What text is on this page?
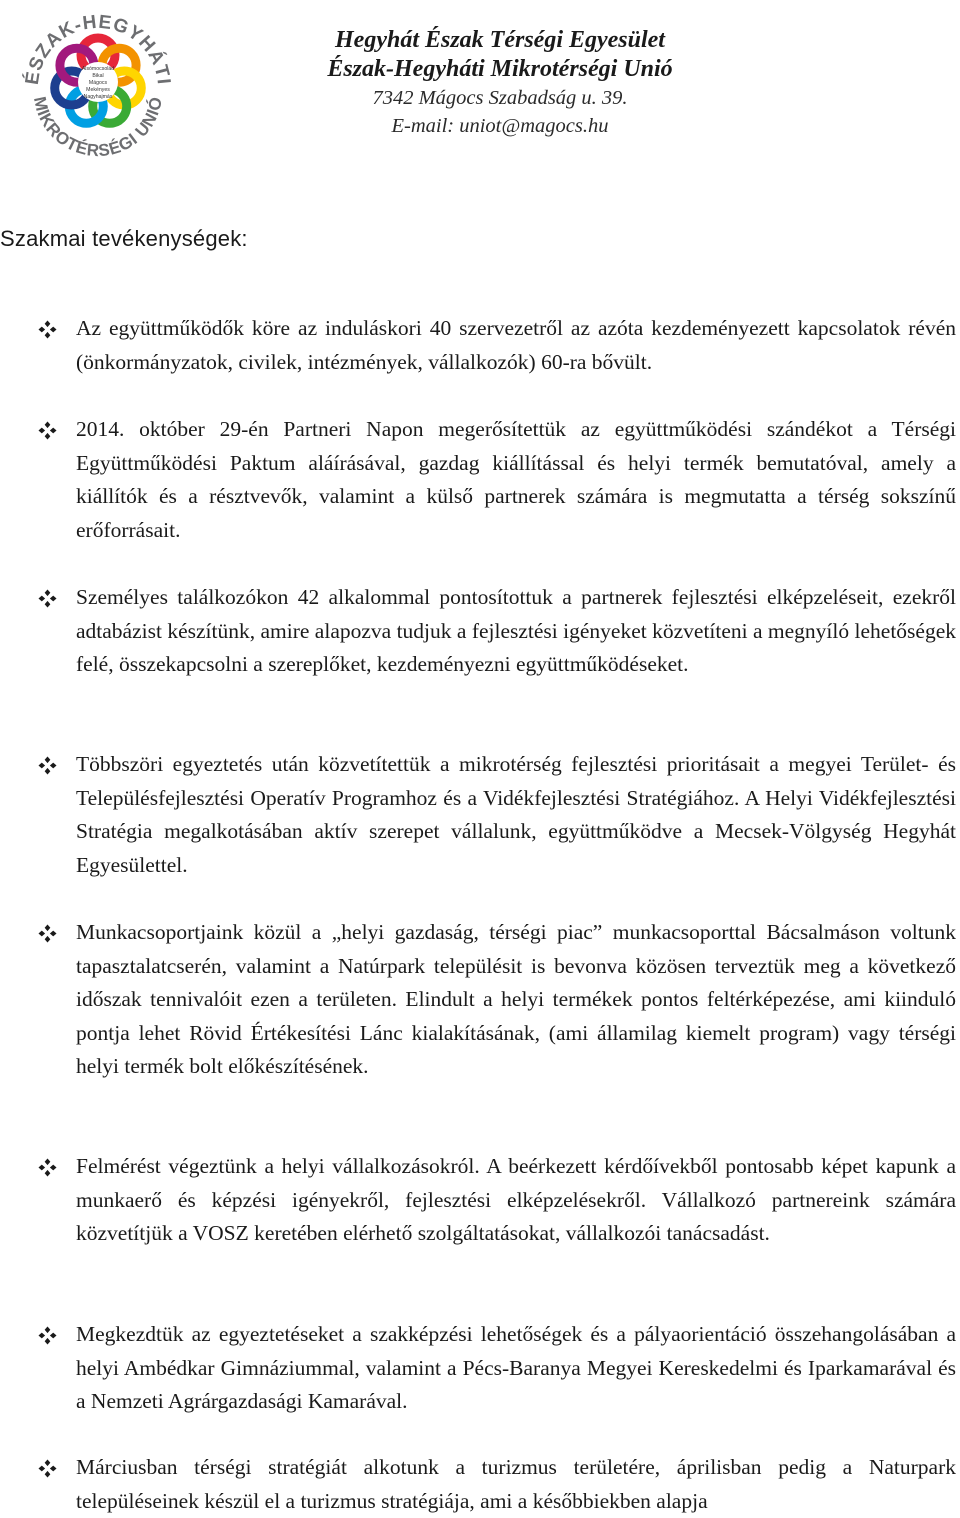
ÉSZAK-HEGYHÁTI
MIKROTÉRSÉGI UNIÓ
Alsómocsolád
Bikal
Mágocs
Mekényes
Nagyhajmás
Hegyhát Észak Térségi Egyesület
Észak-Hegyháti Mikrotérségi Unió
7342 Mágocs Szabadság u. 39.
E-mail: uniot@magocs.hu
Szakmai tevékenységek:
Az együttműködők köre az induláskori 40 szervezetről az azóta kezdeményezett kapcsolatok révén (önkormányzatok, civilek, intézmények, vállalkozók) 60-ra bővült.
2014. október 29-én Partneri Napon megerősítettük az együttműködési szándékot a Térségi Együttműködési Paktum aláírásával, gazdag kiállítással és helyi termék bemutatóval, amely a kiállítók és a résztvevők, valamint a külső partnerek számára is megmutatta a térség sokszínű erőforrásait.
Személyes találkozókon 42 alkalommal pontosítottuk a partnerek fejlesztési elképzeléseit, ezekről adtabázist készítünk, amire alapozva tudjuk a fejlesztési igényeket közvetíteni a megnyíló lehetőségek felé, összekapcsolni a szereplőket, kezdeményezni együttműködéseket.
Többszöri egyeztetés után közvetítettük a mikrotérség fejlesztési prioritásait a megyei Terület- és Településfejlesztési Operatív Programhoz és a Vidékfejlesztési Stratégiához. A Helyi Vidékfejlesztési Stratégia megalkotásában aktív szerepet vállalunk, együttműködve a Mecsek-Völgység Hegyhát Egyesülettel.
Munkacsoportjaink közül a „helyi gazdaság, térségi piac” munkacsoporttal Bácsalmáson voltunk tapasztalatcserén, valamint a Natúrpark településit is bevonva közösen terveztük meg a következő időszak tennivalóit ezen a területen. Elindult a helyi termékek pontos feltérképezése, ami kiinduló pontja lehet Rövid Értékesítési Lánc kialakításának, (ami államilag kiemelt program) vagy térségi helyi termék bolt előkészítésének.
Felmérést végeztünk a helyi vállalkozásokról. A beérkezett kérdőívekből pontosabb képet kapunk a munkaerő és képzési igényekről, fejlesztési elképzelésekről. Vállalkozó partnereink számára közvetítjük a VOSZ keretében elérhető szolgáltatásokat, vállalkozói tanácsadást.
Megkezdtük az egyeztetéseket a szakképzési lehetőségek és a pályaorientáció összehangolásában a helyi Ambédkar Gimnáziummal, valamint a Pécs-Baranya Megyei Kereskedelmi és Iparkamarával és a Nemzeti Agrárgazdasági Kamarával.
Márciusban térségi stratégiát alkotunk a turizmus területére, áprilisban pedig a Naturpark településeinek készül el a turizmus stratégiája, ami a későbbiekben alapja
